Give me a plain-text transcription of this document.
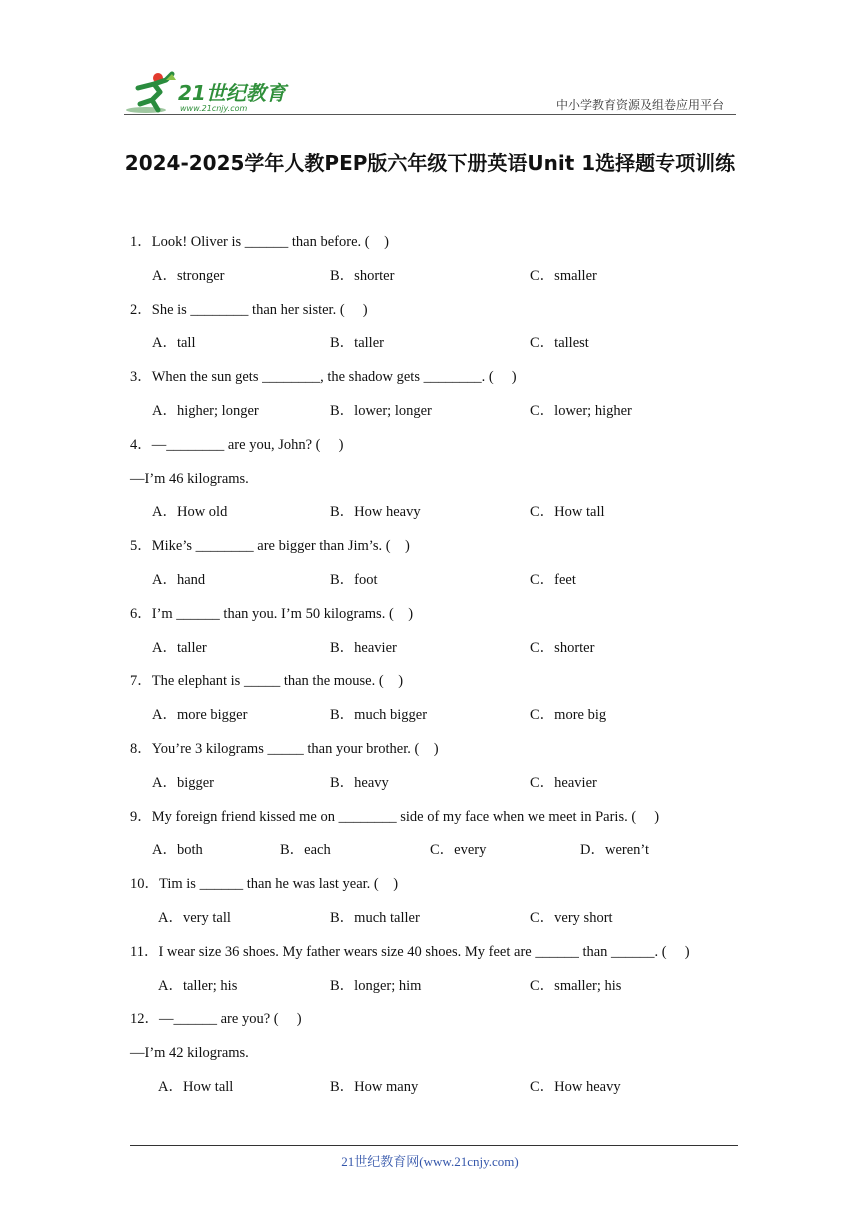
21世纪教育
www.21cnjy.com	中小学教育资源及组卷应用平台
2024-2025学年人教PEP版六年级下册英语Unit 1选择题专项训练
1．Look! Oliver is ______ than before. (    )
A．stronger	B．shorter	C．smaller
2．She is ________ than her sister. (     )
A．tall	B．taller	C．tallest
3．When the sun gets ________, the shadow gets ________. (     )
A．higher; longer	B．lower; longer	C．lower; higher
4．—________ are you, John? (     )
—I’m 46 kilograms.
A．How old	B．How heavy	C．How tall
5．Mike’s ________ are bigger than Jim’s. (    )
A．hand	B．foot	C．feet
6．I’m ______ than you. I’m 50 kilograms. (    )
A．taller	B．heavier	C．shorter
7．The elephant is _____ than the mouse. (    )
A．more bigger	B．much bigger	C．more big
8．You’re 3 kilograms _____ than your brother. (    )
A．bigger	B．heavy	C．heavier
9．My foreign friend kissed me on ________ side of my face when we meet in Paris. (     )
A．both	B．each	C．every	D．weren’t
10．Tim is ______ than he was last year. (    )
A．very tall	B．much taller	C．very short
11．I wear size 36 shoes. My father wears size 40 shoes. My feet are ______ than ______. (     )
A．taller; his	B．longer; him	C．smaller; his
12．—______ are you? (     )
—I’m 42 kilograms.
A．How tall	B．How many	C．How heavy
21世纪教育网(www.21cnjy.com)
